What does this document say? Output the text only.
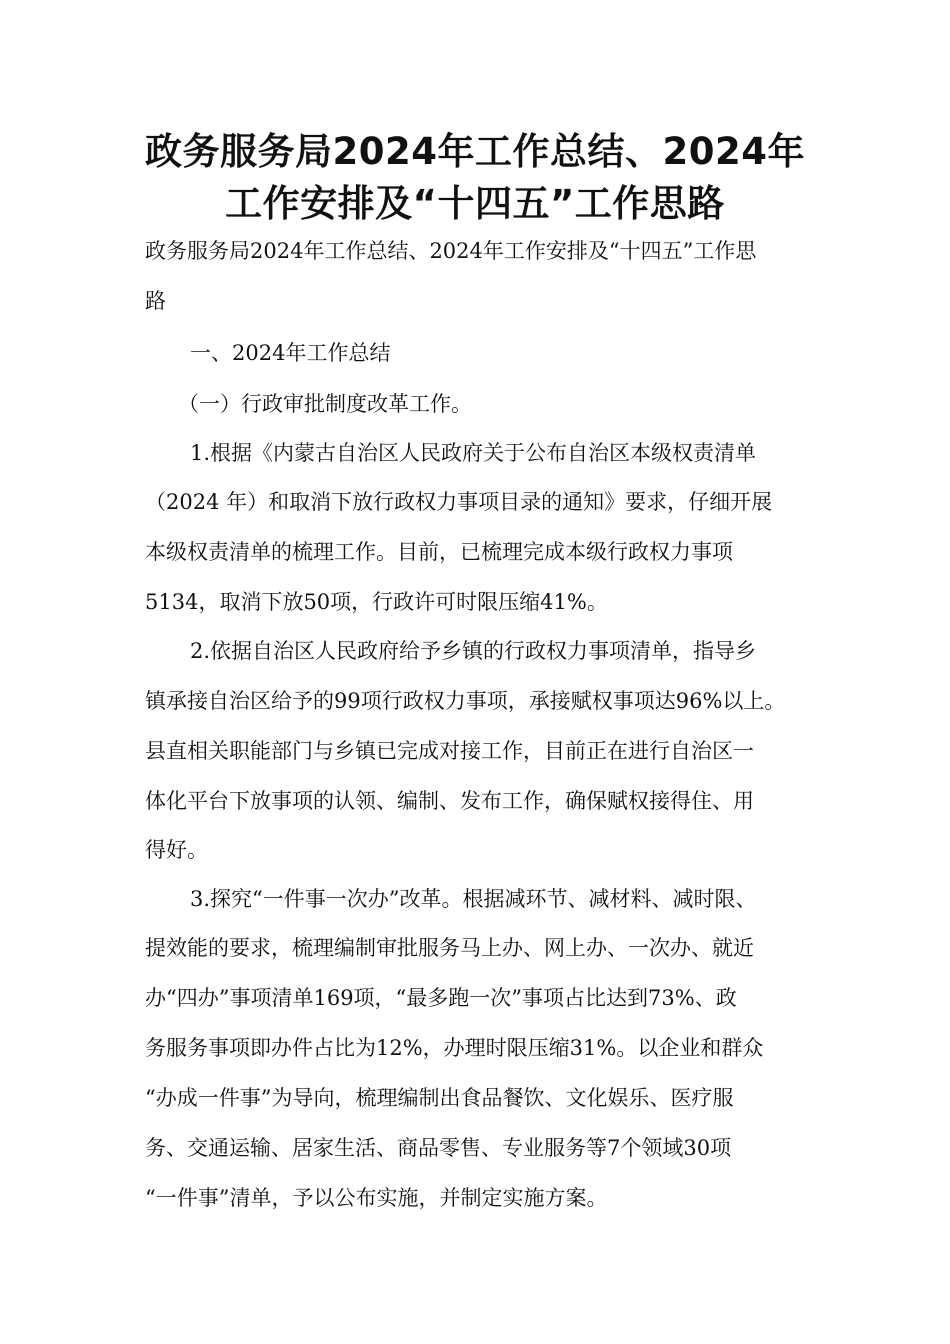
政务服务局2024年工作总结、2024年
工作安排及“十四五”工作思路
政务服务局2024年工作总结、2024年工作安排及“十四五”工作思
路
一、2024年工作总结
（一）行政审批制度改革工作。
1.根据《内蒙古自治区人民政府关于公布自治区本级权责清单
（2024 年）和取消下放行政权力事项目录的通知》要求，仔细开展
本级权责清单的梳理工作。目前，已梳理完成本级行政权力事项
5134，取消下放50项，行政许可时限压缩41%。
2.依据自治区人民政府给予乡镇的行政权力事项清单，指导乡
镇承接自治区给予的99项行政权力事项，承接赋权事项达96%以上。
县直相关职能部门与乡镇已完成对接工作，目前正在进行自治区一
体化平台下放事项的认领、编制、发布工作，确保赋权接得住、用
得好。
3.探究“一件事一次办”改革。根据减环节、减材料、减时限、
提效能的要求，梳理编制审批服务马上办、网上办、一次办、就近
办“四办”事项清单169项，“最多跑一次”事项占比达到73%、政
务服务事项即办件占比为12%，办理时限压缩31%。以企业和群众
“办成一件事”为导向，梳理编制出食品餐饮、文化娱乐、医疗服
务、交通运输、居家生活、商品零售、专业服务等7个领域30项
“一件事”清单，予以公布实施，并制定实施方案。
